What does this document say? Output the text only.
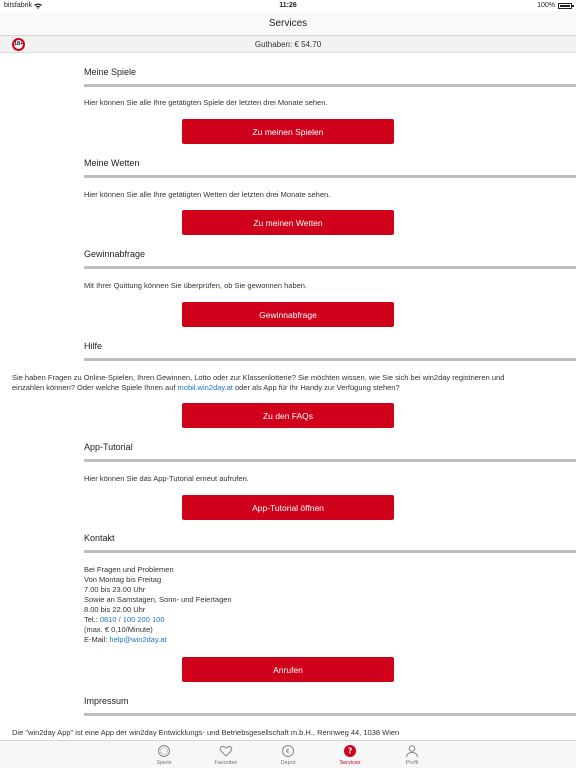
bitsfabrik	11:26	100%
Services
18+	Guthaben: € 54.70
Meine Spiele
Hier können Sie alle Ihre getätigten Spiele der letzten drei Monate sehen.
Zu meinen Spielen
Meine Wetten
Hier können Sie alle Ihre getätigten Wetten der letzten drei Monate sehen.
Zu meinen Wetten
Gewinnabfrage
Mit Ihrer Quittung können Sie überprüfen, ob Sie gewonnen haben.
Gewinnabfrage
Hilfe
Sie haben Fragen zu Online-Spielen, Ihren Gewinnen, Lotto oder zur Klassenlotterie? Sie möchten wissen, wie Sie sich bei win2day registrieren und
einzahlen können? Oder welche Spiele Ihnen auf mobil.win2day.at oder als App für Ihr Handy zur Verfügung stehen?
Zu den FAQs
App-Tutorial
Hier können Sie das App-Tutorial erneut aufrufen.
App-Tutorial öffnen
Kontakt
Bei Fragen und Problemen
Von Montag bis Freitag
7.00 bis 23.00 Uhr
Sowie an Samstagen, Sonn- und Feiertagen
8.00 bis 22.00 Uhr
Tel.: 0810 / 100 200 100
(max. € 0,10/Minute)
E-Mail: help@win2day.at
Anrufen
Impressum
Die "win2day App" ist eine App der win2day Entwicklungs- und Betriebsgesellschaft m.b.H., Rennweg 44, 1038 Wien
Spiele	Favoriten
€
Depot
?
Services	Profil
